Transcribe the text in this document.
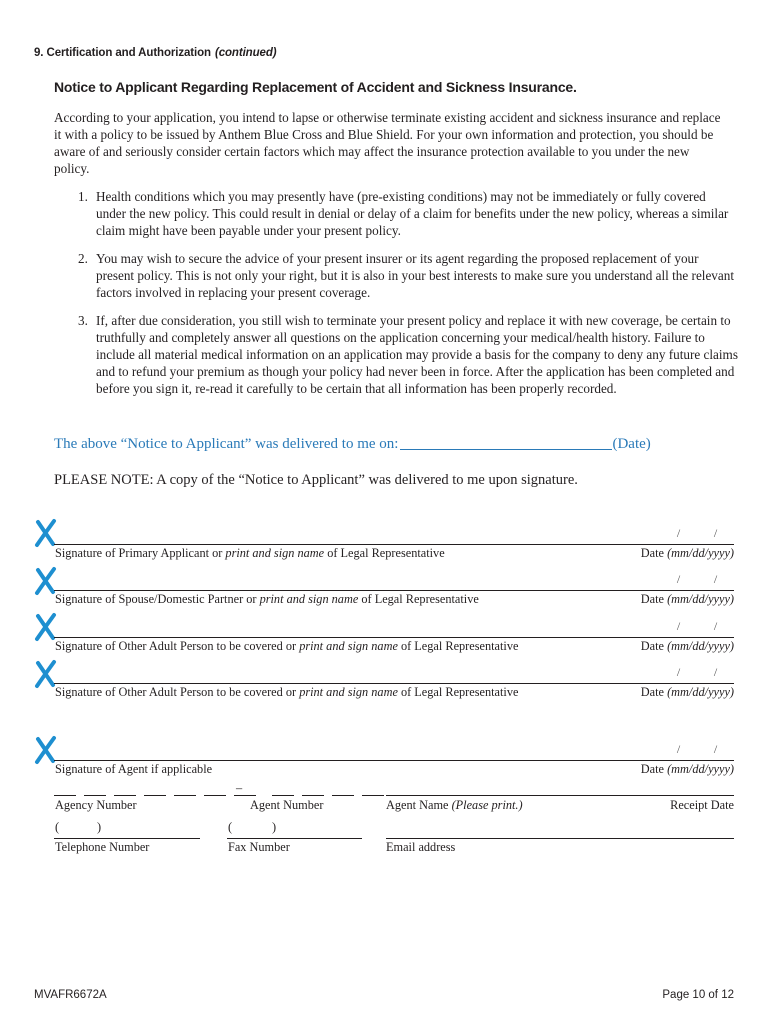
9. Certification and Authorization (continued)
Notice to Applicant Regarding Replacement of Accident and Sickness Insurance.
According to your application, you intend to lapse or otherwise terminate existing accident and sickness insurance and replace it with a policy to be issued by Anthem Blue Cross and Blue Shield. For your own information and protection, you should be aware of and seriously consider certain factors which may affect the insurance protection available to you under the new policy.
1. Health conditions which you may presently have (pre-existing conditions) may not be immediately or fully covered under the new policy. This could result in denial or delay of a claim for benefits under the new policy, whereas a similar claim might have been payable under your present policy.
2. You may wish to secure the advice of your present insurer or its agent regarding the proposed replacement of your present policy. This is not only your right, but it is also in your best interests to make sure you understand all the relevant factors involved in replacing your present coverage.
3. If, after due consideration, you still wish to terminate your present policy and replace it with new coverage, be certain to truthfully and completely answer all questions on the application concerning your medical/health history. Failure to include all material medical information on an application may provide a basis for the company to deny any future claims and to refund your premium as though your policy had never been in force. After the application has been completed and before you sign it, re-read it carefully to be certain that all information has been properly recorded.
The above “Notice to Applicant” was delivered to me on:	(Date)
PLEASE NOTE: A copy of the “Notice to Applicant” was delivered to me upon signature.
/	/
Signature of Primary Applicant or print and sign name of Legal Representative	Date (mm/dd/yyyy)
/	/
Signature of Spouse/Domestic Partner or print and sign name of Legal Representative	Date (mm/dd/yyyy)
/	/
Signature of Other Adult Person to be covered or print and sign name of Legal Representative	Date (mm/dd/yyyy)
/	/
Signature of Other Adult Person to be covered or print and sign name of Legal Representative	Date (mm/dd/yyyy)
/	/
Signature of Agent if applicable	Date (mm/dd/yyyy)
–
Agency Number	Agent Number	Agent Name (Please print.)	Receipt Date
(	)	(	)
Telephone Number	Fax Number	Email address
MVAFR6672A	Page 10 of 12
